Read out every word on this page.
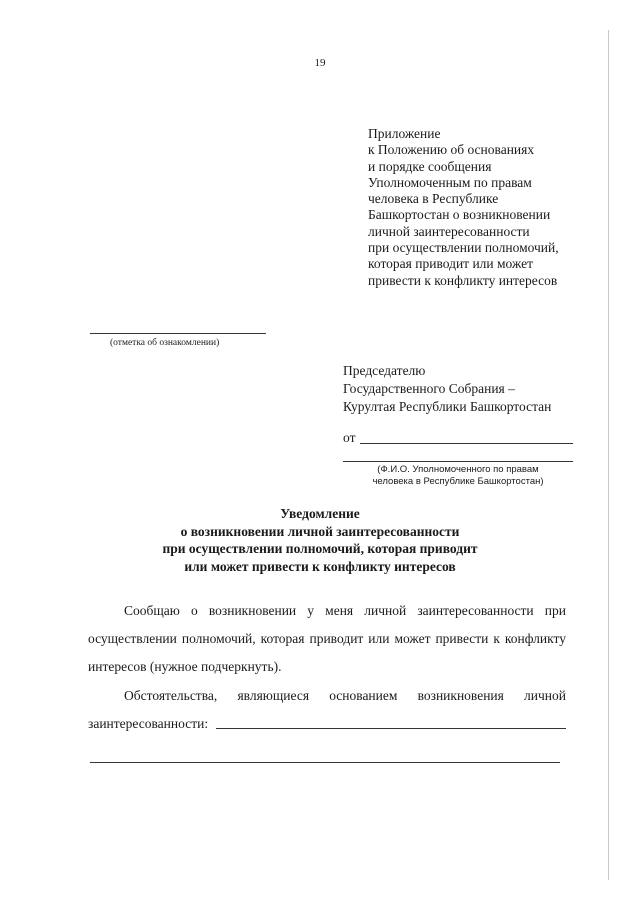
19
Приложение
к Положению об основаниях
и порядке сообщения
Уполномоченным по правам
человека в Республике
Башкортостан о возникновении
личной заинтересованности
при осуществлении полномочий,
которая приводит или может
привести к конфликту интересов
(отметка об ознакомлении)
Председателю
Государственного Собрания –
Курултая Республики Башкортостан
от
(Ф.И.О. Уполномоченного по правам
человека в Республике Башкортостан)
Уведомление
о возникновении личной заинтересованности
при осуществлении полномочий, которая приводит
или может привести к конфликту интересов
Сообщаю о возникновении у меня личной заинтересованности при осуществлении полномочий, которая приводит или может привести к конфликту интересов (нужное подчеркнуть).
Обстоятельства, являющиеся основанием возникновения личной заинтересованности:
